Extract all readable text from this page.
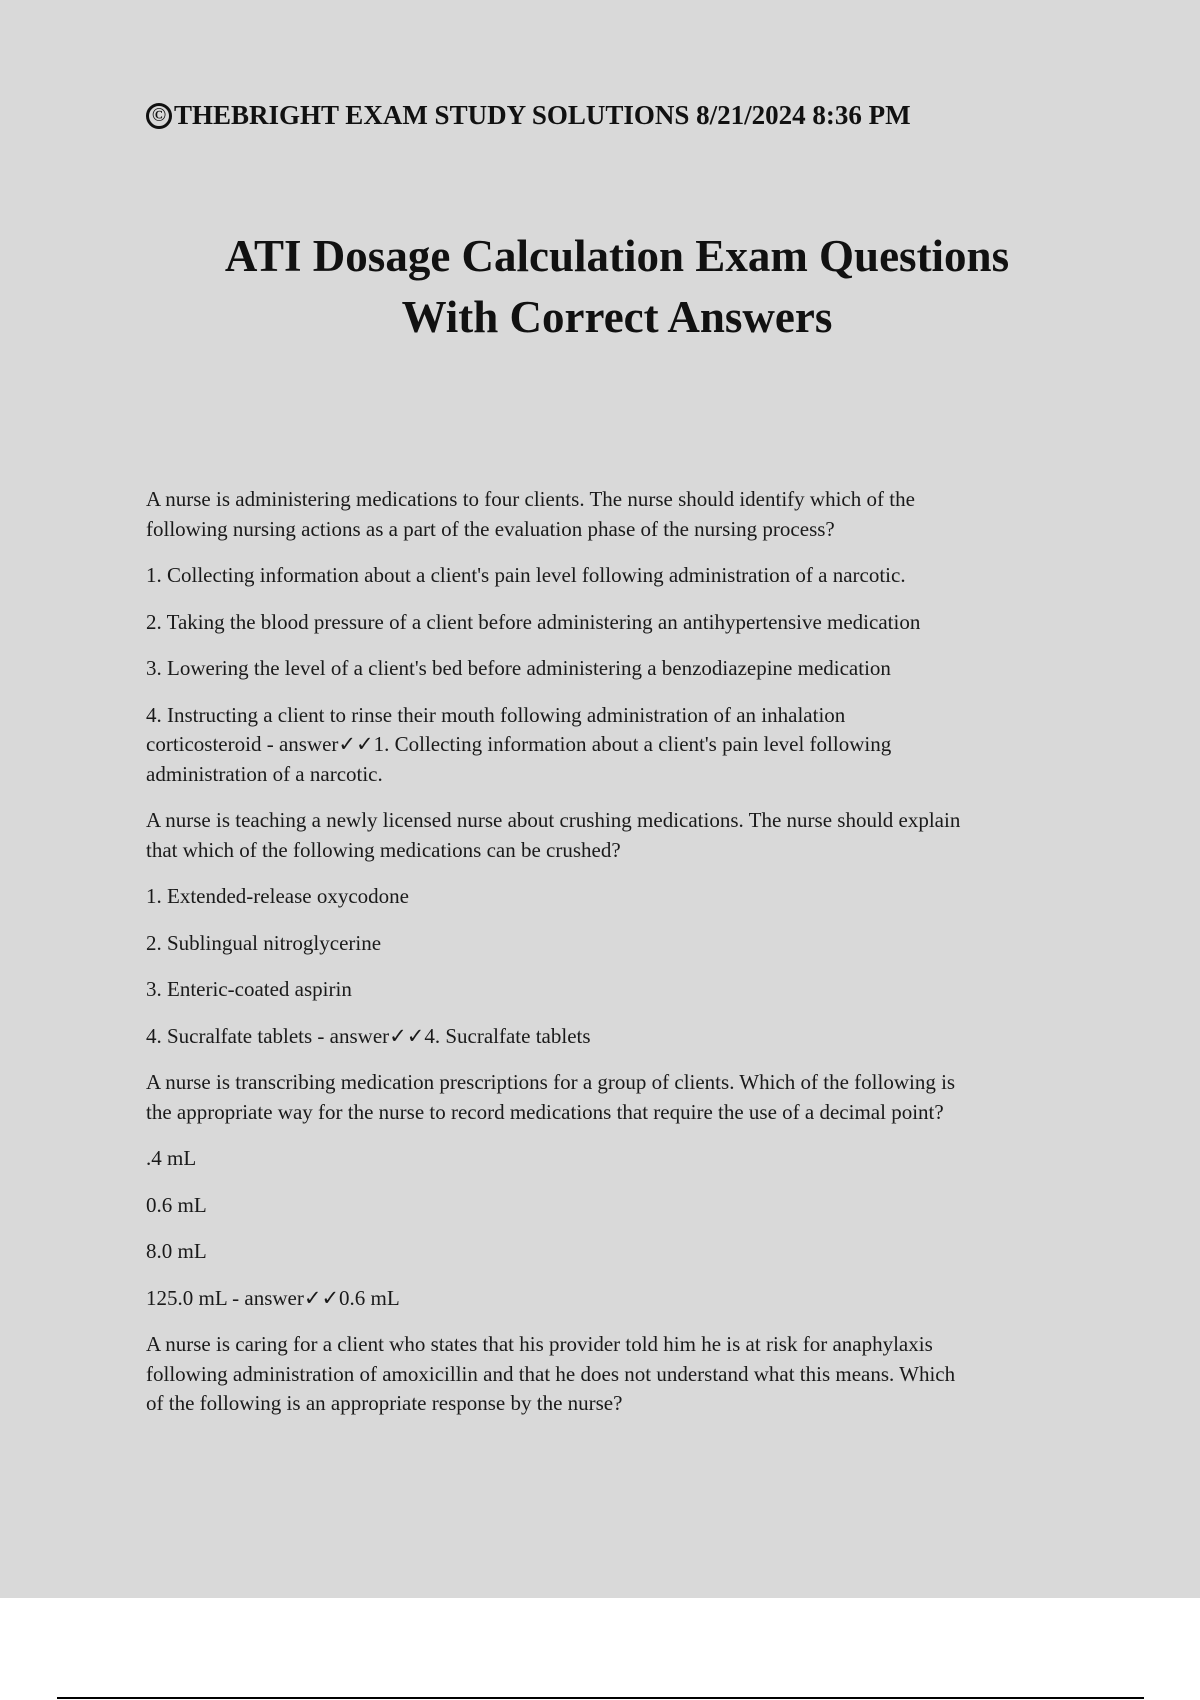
© THEBRIGHT EXAM STUDY SOLUTIONS 8/21/2024 8:36 PM
ATI Dosage Calculation Exam Questions
With Correct Answers
A nurse is administering medications to four clients. The nurse should identify which of the
following nursing actions as a part of the evaluation phase of the nursing process?
1. Collecting information about a client's pain level following administration of a narcotic.
2. Taking the blood pressure of a client before administering an antihypertensive medication
3. Lowering the level of a client's bed before administering a benzodiazepine medication
4. Instructing a client to rinse their mouth following administration of an inhalation
corticosteroid - answer✓✓1. Collecting information about a client's pain level following
administration of a narcotic.
A nurse is teaching a newly licensed nurse about crushing medications. The nurse should explain
that which of the following medications can be crushed?
1. Extended-release oxycodone
2. Sublingual nitroglycerine
3. Enteric-coated aspirin
4. Sucralfate tablets - answer✓✓4. Sucralfate tablets
A nurse is transcribing medication prescriptions for a group of clients. Which of the following is
the appropriate way for the nurse to record medications that require the use of a decimal point?
.4 mL
0.6 mL
8.0 mL
125.0 mL - answer✓✓0.6 mL
A nurse is caring for a client who states that his provider told him he is at risk for anaphylaxis
following administration of amoxicillin and that he does not understand what this means. Which
of the following is an appropriate response by the nurse?
